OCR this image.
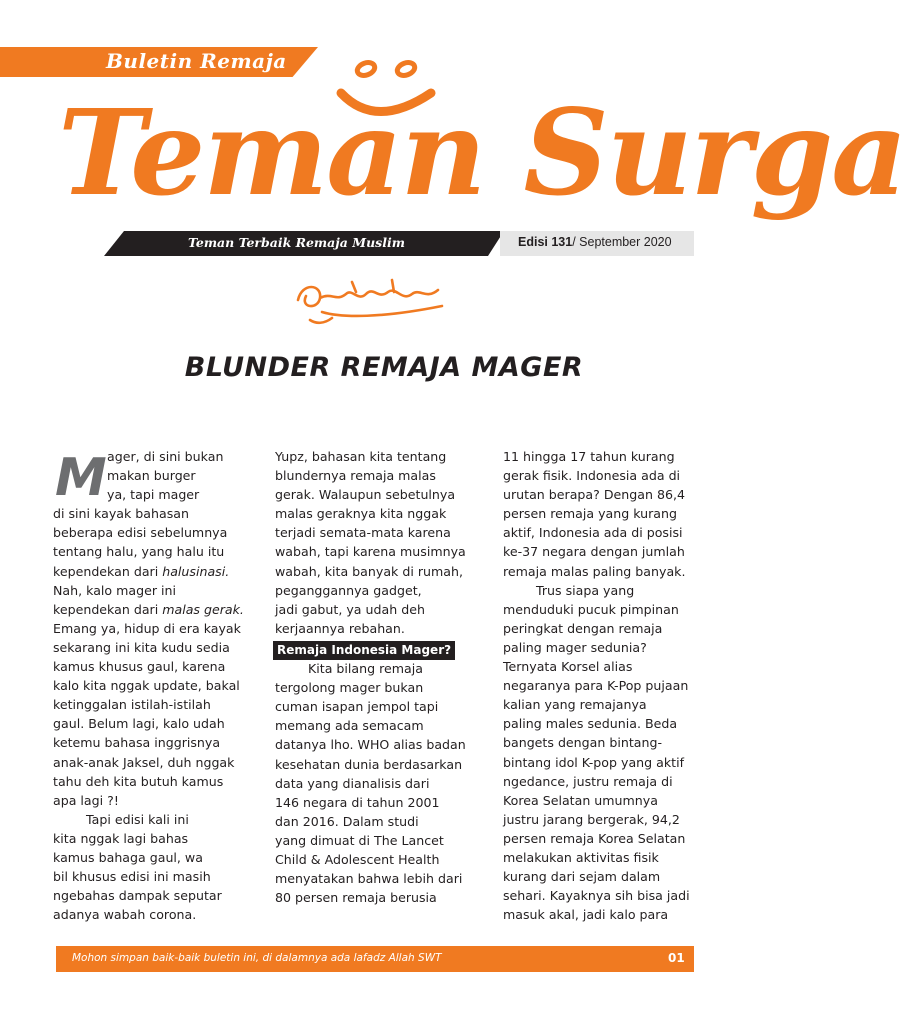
Buletin Remaja
Teman Surga
Teman Terbaik Remaja Muslim	Edisi 131/ September 2020
BLUNDER REMAJA MAGER
M ager, di sini bukan
makan burger
ya, tapi mager
di sini kayak bahasan
beberapa edisi sebelumnya
tentang halu, yang halu itu
kependekan dari halusinasi.
Nah, kalo mager ini
kependekan dari malas gerak.
Emang ya, hidup di era kayak
sekarang ini kita kudu sedia
kamus khusus gaul, karena
kalo kita nggak update, bakal
ketinggalan istilah-istilah
gaul. Belum lagi, kalo udah
ketemu bahasa inggrisnya
anak-anak Jaksel, duh nggak
tahu deh kita butuh kamus
apa lagi ?!
Tapi edisi kali ini
kita nggak lagi bahas
kamus bahaga gaul, wa
bil khusus edisi ini masih
ngebahas dampak seputar
adanya wabah corona.
Yupz, bahasan kita tentang
blundernya remaja malas
gerak. Walaupun sebetulnya
malas geraknya kita nggak
terjadi semata-mata karena
wabah, tapi karena musimnya
wabah, kita banyak di rumah,
peganggannya gadget,
jadi gabut, ya udah deh
kerjaannya rebahan.
Remaja Indonesia Mager?
Kita bilang remaja
tergolong mager bukan
cuman isapan jempol tapi
memang ada semacam
datanya lho. WHO alias badan
kesehatan dunia berdasarkan
data yang dianalisis dari
146 negara di tahun 2001
dan 2016. Dalam studi
yang dimuat di The Lancet
Child & Adolescent Health
menyatakan bahwa lebih dari
80 persen remaja berusia
11 hingga 17 tahun kurang
gerak fisik. Indonesia ada di
urutan berapa? Dengan 86,4
persen remaja yang kurang
aktif, Indonesia ada di posisi
ke-37 negara dengan jumlah
remaja malas paling banyak.
Trus siapa yang
menduduki pucuk pimpinan
peringkat dengan remaja
paling mager sedunia?
Ternyata Korsel alias
negaranya para K-Pop pujaan
kalian yang remajanya
paling males sedunia. Beda
bangets dengan bintang-
bintang idol K-pop yang aktif
ngedance, justru remaja di
Korea Selatan umumnya
justru jarang bergerak, 94,2
persen remaja Korea Selatan
melakukan aktivitas fisik
kurang dari sejam dalam
sehari. Kayaknya sih bisa jadi
masuk akal, jadi kalo para
Mohon simpan baik-baik buletin ini, di dalamnya ada lafadz Allah SWT	01
